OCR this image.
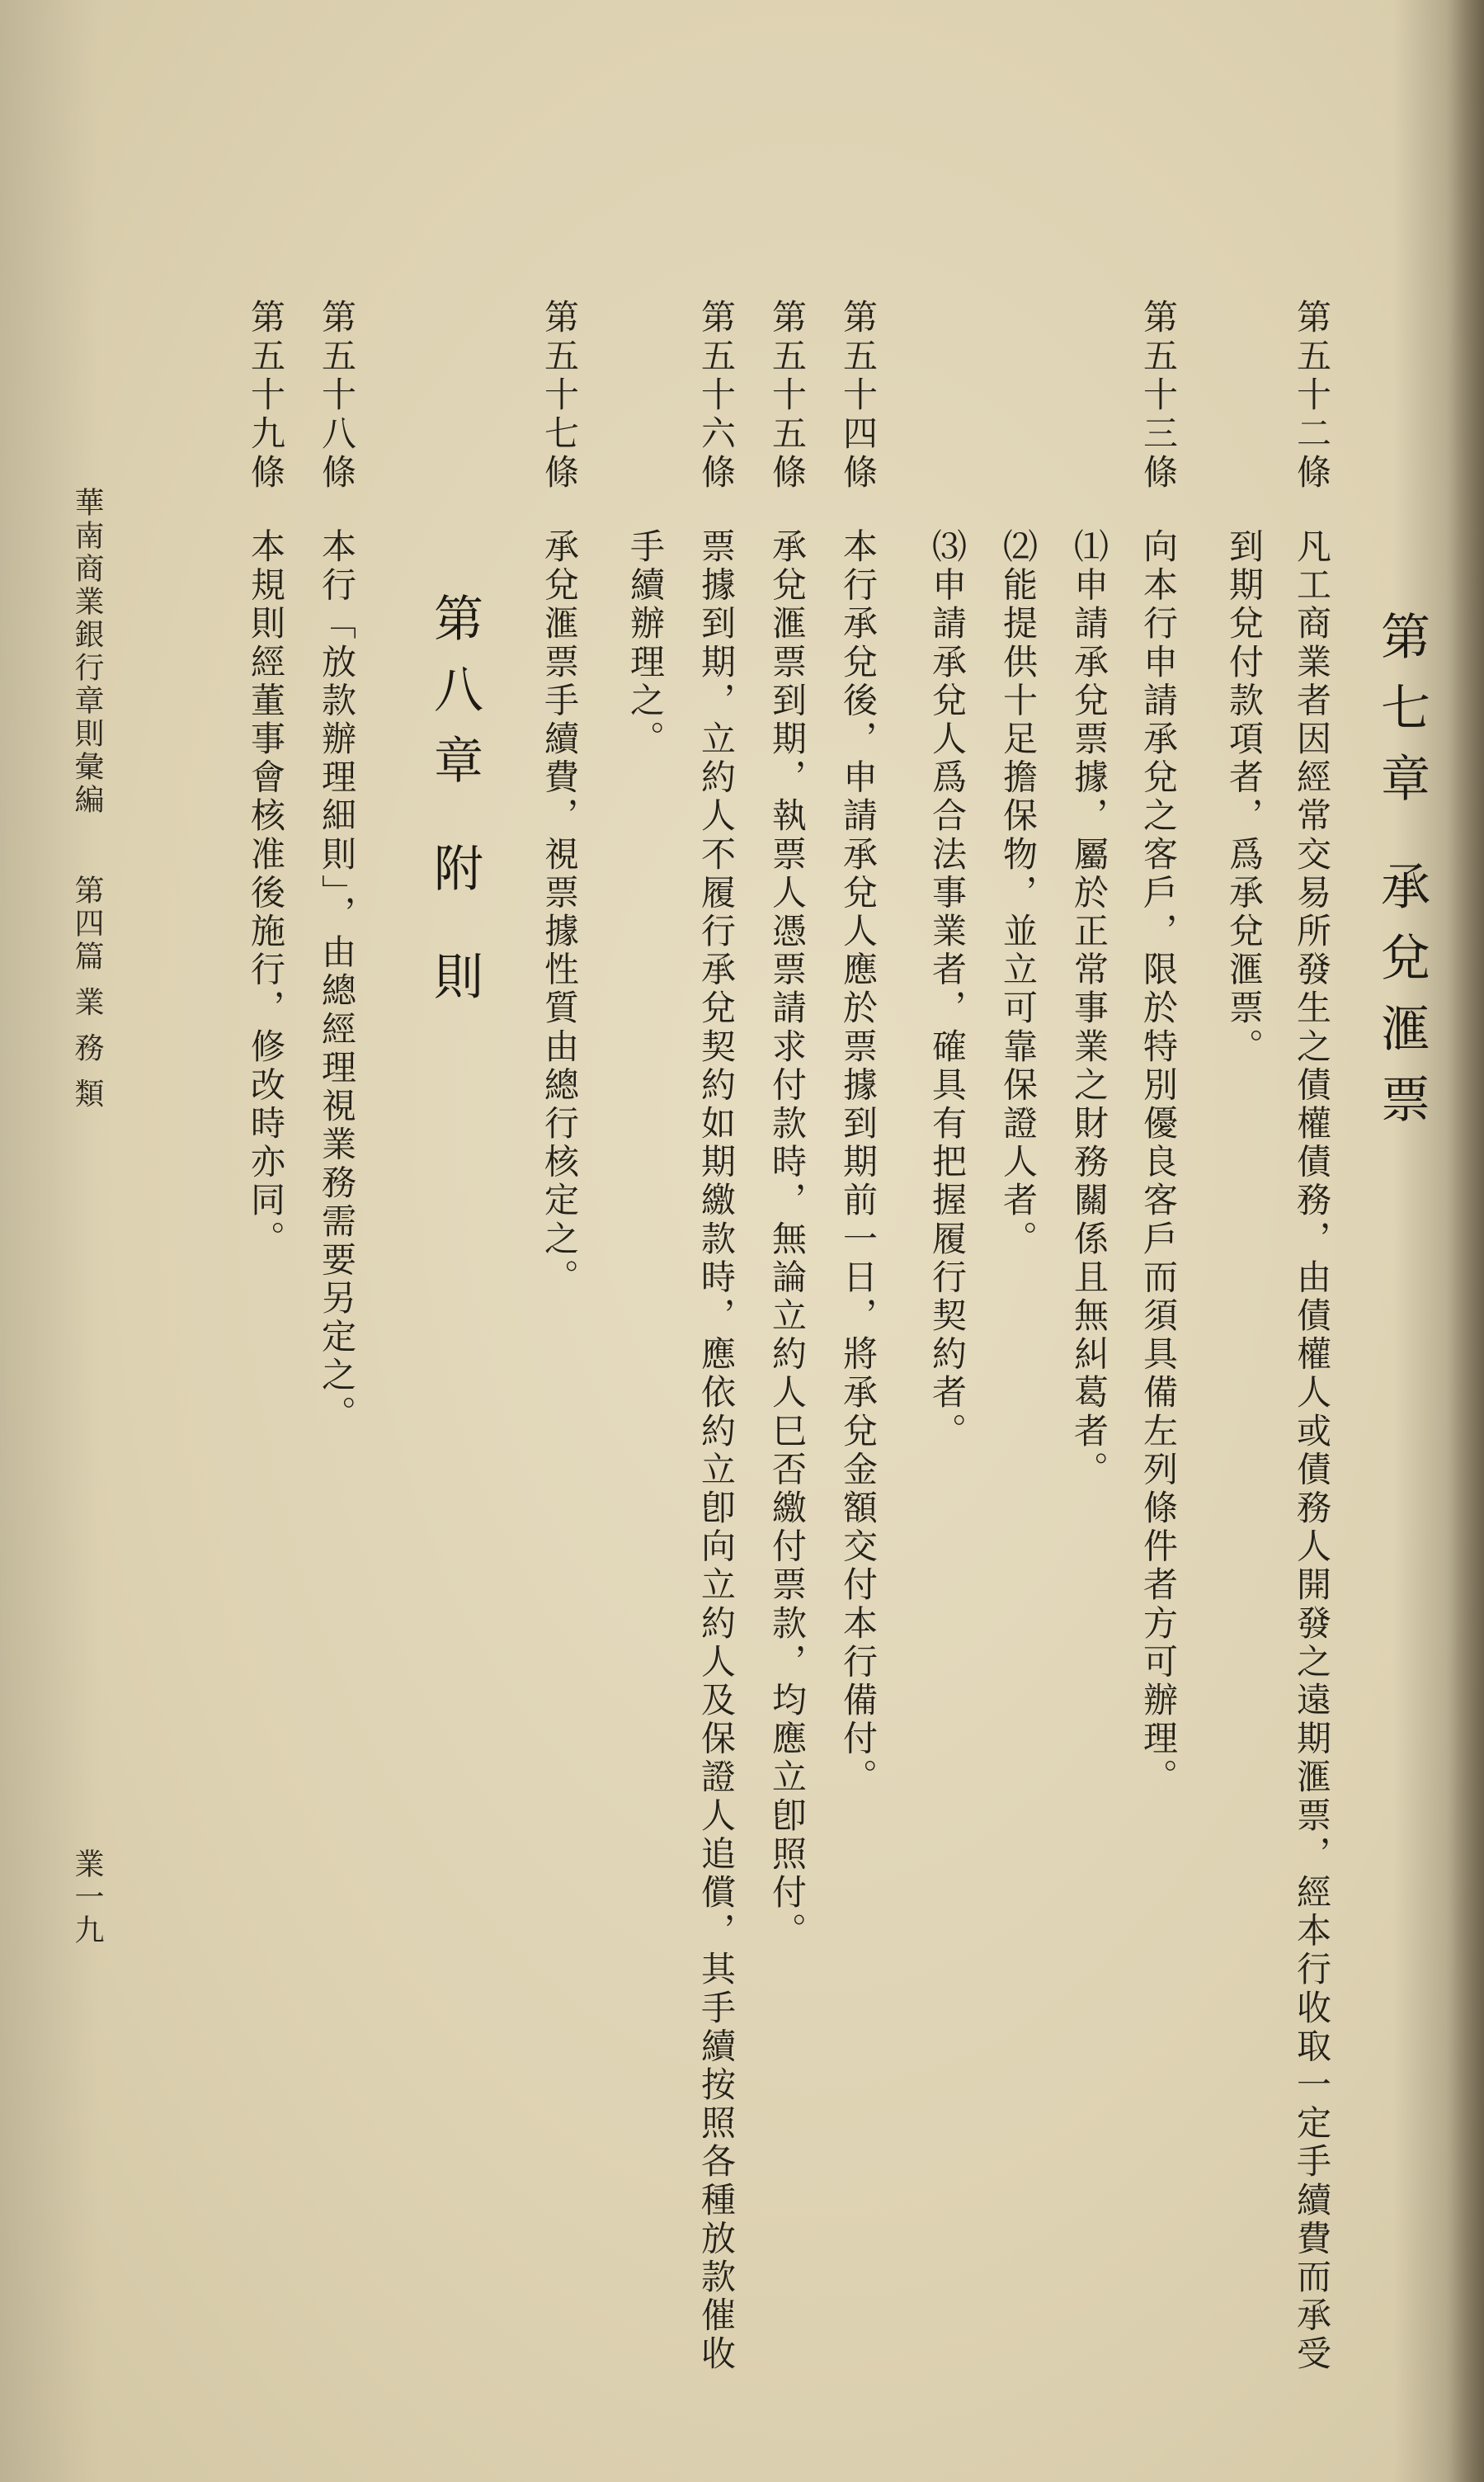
第七章 承兌滙票
第五十二條
凡工商業者因經常交易所發生之債權債務，由債權人或債務人開發之遠期滙票，經本行收取一定手續費而承受
到期兌付款項者，爲承兌滙票。
第五十三條
向本行申請承兌之客戶，限於特別優良客戶而須具備左列條件者方可辦理。
⑴申請承兌票據，屬於正常事業之財務關係且無糾葛者。
⑵能提供十足擔保物，並立可靠保證人者。
⑶申請承兌人爲合法事業者，確具有把握履行契約者。
第五十四條
本行承兌後，申請承兌人應於票據到期前一日，將承兌金額交付本行備付。
第五十五條
承兌滙票到期，執票人憑票請求付款時，無論立約人巳否繳付票款，均應立卽照付。
第五十六條
票據到期，立約人不履行承兌契約如期繳款時，應依約立卽向立約人及保證人追償，其手續按照各種放款催收
手續辦理之。
第五十七條
承兌滙票手續費，視票據性質由總行核定之。
第八章 附 則
第五十八條
本行「放款辦理細則」，由總經理視業務需要另定之。
第五十九條
本規則經董事會核准後施行，修改時亦同。
華南商業銀行章則彙編
第四篇 業 務 類
業一九
